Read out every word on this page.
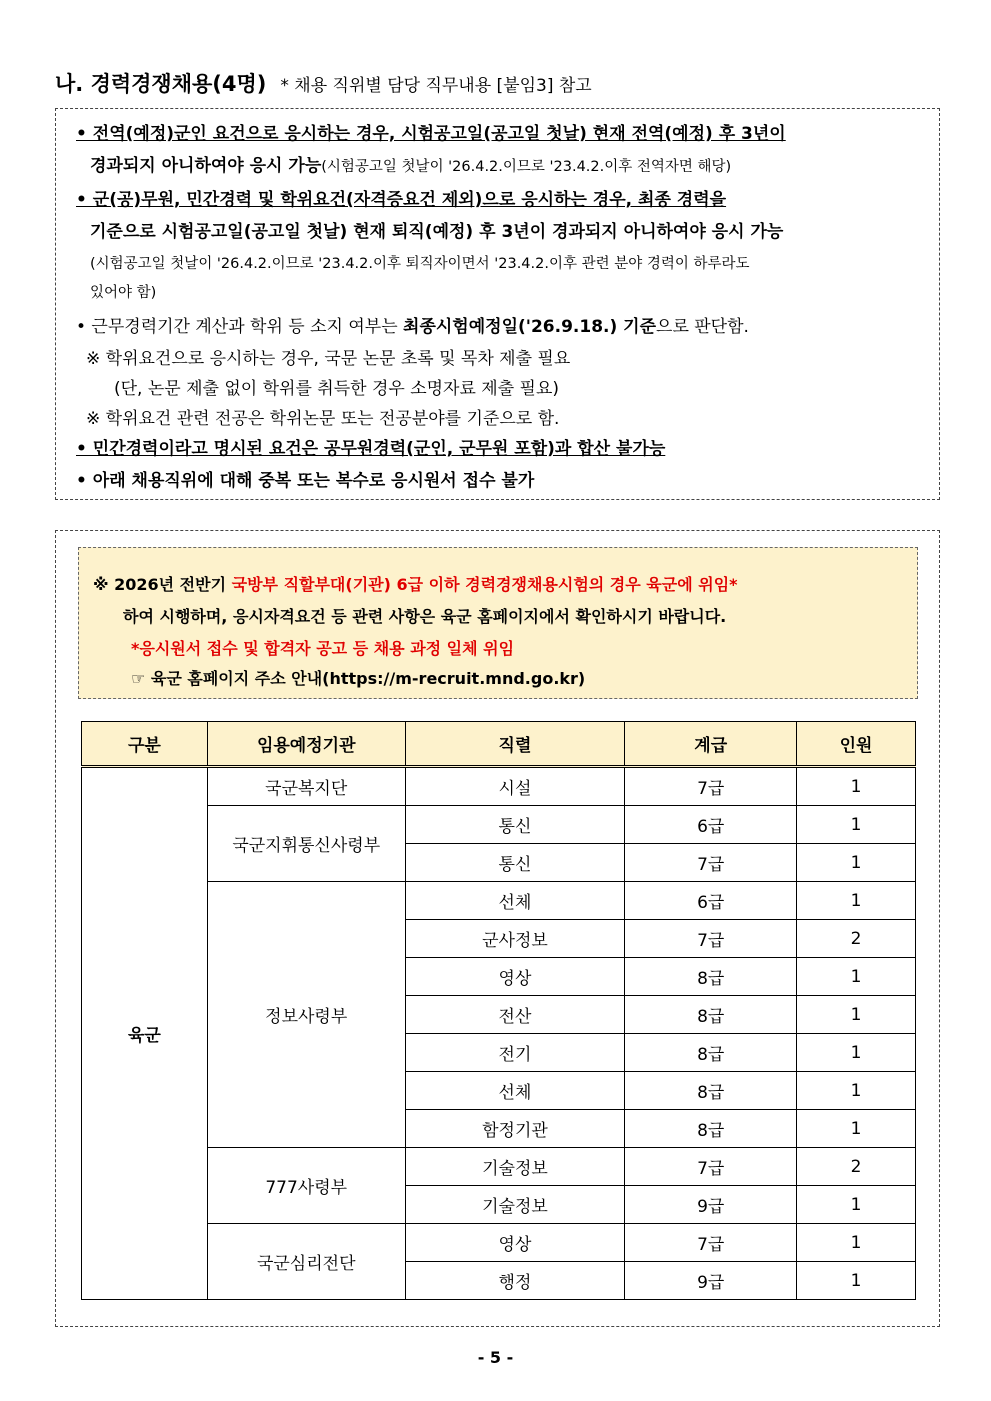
나. 경력경쟁채용(4명) * 채용 직위별 담당 직무내용 [붙임3] 참고
• 전역(예정)군인 요건으로 응시하는 경우, 시험공고일(공고일 첫날) 현재 전역(예정) 후 3년이
경과되지 아니하여야 응시 가능(시험공고일 첫날이 '26.4.2.이므로 '23.4.2.이후 전역자면 해당)
• 군(공)무원, 민간경력 및 학위요건(자격증요건 제외)으로 응시하는 경우, 최종 경력을
기준으로 시험공고일(공고일 첫날) 현재 퇴직(예정) 후 3년이 경과되지 아니하여야 응시 가능
(시험공고일 첫날이 '26.4.2.이므로 '23.4.2.이후 퇴직자이면서 '23.4.2.이후 관련 분야 경력이 하루라도
있어야 함)
• 근무경력기간 계산과 학위 등 소지 여부는 최종시험예정일('26.9.18.) 기준으로 판단함.
※ 학위요건으로 응시하는 경우, 국문 논문 초록 및 목차 제출 필요
(단, 논문 제출 없이 학위를 취득한 경우 소명자료 제출 필요)
※ 학위요건 관련 전공은 학위논문 또는 전공분야를 기준으로 함.
• 민간경력이라고 명시된 요건은 공무원경력(군인, 군무원 포함)과 합산 불가능
• 아래 채용직위에 대해 중복 또는 복수로 응시원서 접수 불가
※ 2026년 전반기 국방부 직할부대(기관) 6급 이하 경력경쟁채용시험의 경우 육군에 위임*
하여 시행하며, 응시자격요건 등 관련 사항은 육군 홈페이지에서 확인하시기 바랍니다.
*응시원서 접수 및 합격자 공고 등 채용 과정 일체 위임
☞ 육군 홈페이지 주소 안내(https://m-recruit.mnd.go.kr)
구분	임용예정기관	직렬	계급	인원
육군	국군복지단	시설	7급	1
	국군지휘통신사령부	통신	6급	1
		통신	7급	1
	정보사령부	선체	6급	1
		군사정보	7급	2
		영상	8급	1
		전산	8급	1
		전기	8급	1
		선체	8급	1
		함정기관	8급	1
	777사령부	기술정보	7급	2
		기술정보	9급	1
	국군심리전단	영상	7급	1
		행정	9급	1
- 5 -
